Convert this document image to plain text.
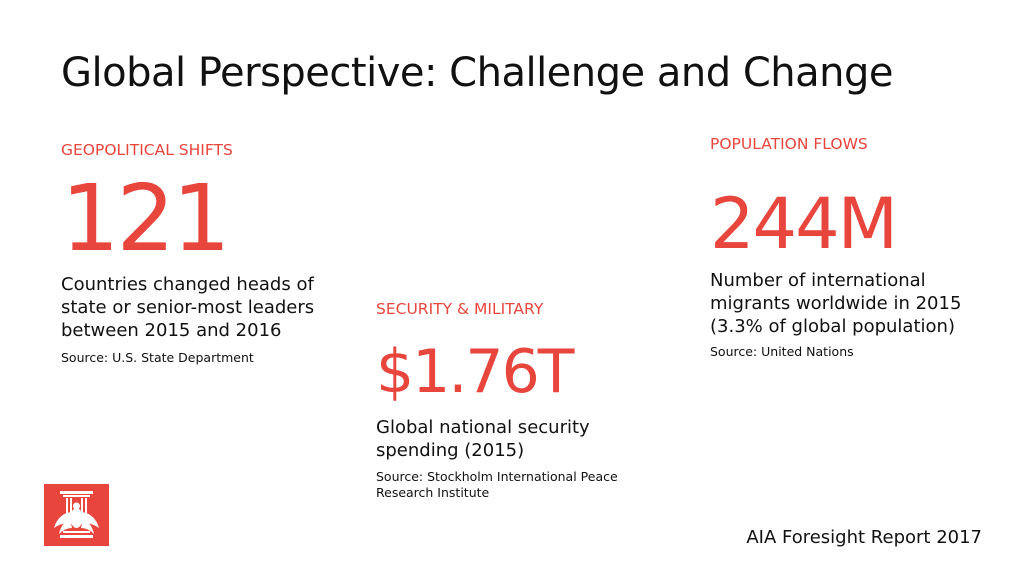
Global Perspective: Challenge and Change

GEOPOLITICAL SHIFTS

121

Countries changed heads of state or senior-most leaders between 2015 and 2016

Source: U.S. State Department

SECURITY & MILITARY

$1.76T

Global national security spending (2015)

Source: Stockholm International Peace Research Institute

POPULATION FLOWS

244M

Number of international migrants worldwide in 2015 (3.3% of global population)

Source: United Nations

AIA Foresight Report 2017
